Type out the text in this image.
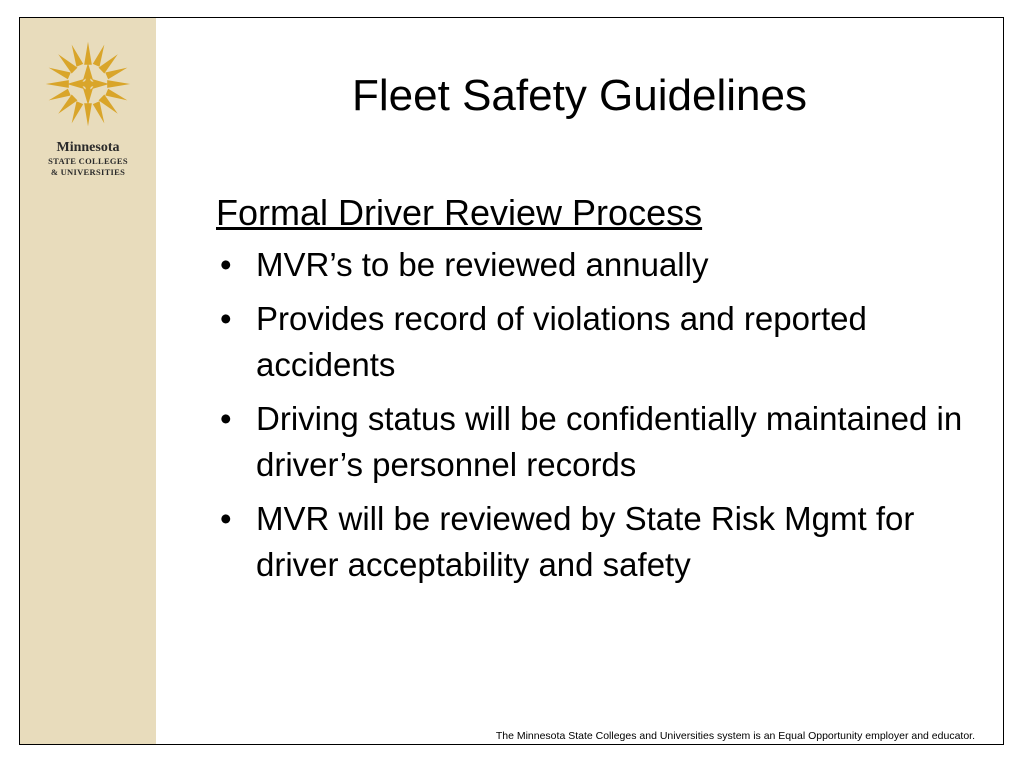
Minnesota
STATE COLLEGES
& UNIVERSITIES
Fleet Safety Guidelines
Formal Driver Review Process
• MVR’s to be reviewed annually
• Provides record of violations and reported accidents
• Driving status will be confidentially maintained in driver’s personnel records
• MVR will be reviewed by State Risk Mgmt for driver acceptability and safety
The Minnesota State Colleges and Universities system is an Equal Opportunity employer and educator.
